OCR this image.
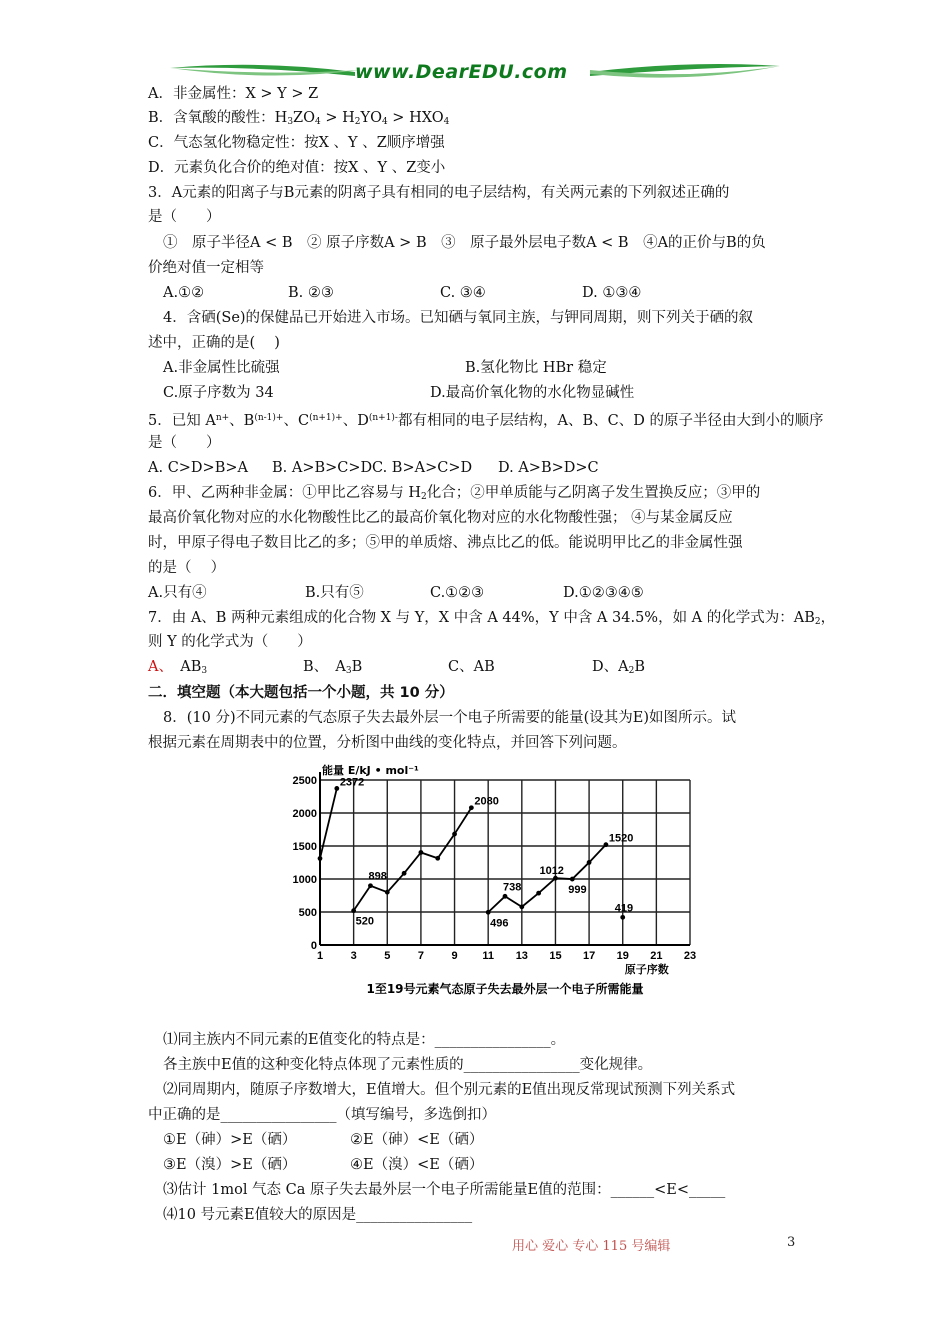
www.DearEDU.com
A．非金属性：X > Y > Z
B．含氧酸的酸性：$H_3ZO_4 > H_2YO_4 > HXO_4$
C．气态氢化物稳定性：按X 、Y 、Z顺序增强
D．元素负化合价的绝对值：按X 、Y 、Z变小
3．A元素的阳离子与B元素的阴离子具有相同的电子层结构，有关两元素的下列叙述正确的
是（　　）
①　原子半径A < B　② 原子序数A > B　③　原子最外层电子数A < B　④A的正价与B的负
价绝对值一定相等
A.①②	B. ②③	C. ③④	D. ①③④
4．含硒(Se)的保健品已开始进入市场。已知硒与氧同主族，与钾同周期，则下列关于硒的叙
述中，正确的是(　 )
A.非金属性比硫强	B.氢化物比 HBr 稳定
C.原子序数为 34	D.最高价氧化物的水化物显碱性
5．已知 $A^{n+}$、$B^{(n-1)+}$、$C^{(n+1)+}$、$D^{(n+1)-}$都有相同的电子层结构，A、B、C、D 的原子半径由大到小的顺序
是（　　）
A. C>D>B>A B. A>B>C>D C. B>A>C>D D. A>B>D>C
6．甲、乙两种非金属：①甲比乙容易与 $H_2$化合；②甲单质能与乙阴离子发生置换反应；③甲的
最高价氧化物对应的水化物酸性比乙的最高价氧化物对应的水化物酸性强； ④与某金属反应
时，甲原子得电子数目比乙的多；⑤甲的单质熔、沸点比乙的低。能说明甲比乙的非金属性强
的是（　 ）
A.只有④	B.只有⑤	C.①②③	D.①②③④⑤
7．由 A、B 两种元素组成的化合物 X 与 Y，X 中含 A 44%，Y 中含 A 34.5%，如 A 的化学式为：$AB_2$，
则 Y 的化学式为（　　）
A、　 $AB_3$	B、　 $A_3B$	C、AB	D、$A_2B$
二．填空题（本大题包括一个小题，共 10 分）
8．(10 分)不同元素的气态原子失去最外层一个电子所需要的能量(设其为E)如图所示。试
根据元素在周期表中的位置，分析图中曲线的变化特点，并回答下列问题。
0
500
1000
1500
2000
2500
1	3	5	7	9 11 13 15 17 19 21 23
能量 E/kJ • mol⁻¹
原子序数
1至19号元素气态原子失去最外层一个电子所需能量
2372
2080
898
520
738
496
1012
999
1520
419
⑴同主族内不同元素的E值变化的特点是：________________。
各主族中E值的这种变化特点体现了元素性质的________________变化规律。
⑵同周期内，随原子序数增大，E值增大。但个别元素的E值出现反常现试预测下列关系式
中正确的是________________（填写编号，多选倒扣）
①E（砷）>E（硒）	②E（砷）<E（硒）
③E（溴）>E（硒）	④E（溴）<E（硒）
⑶估计 1mol 气态 Ca 原子失去最外层一个电子所需能量E值的范围：______<E<_____
⑷10 号元素E值较大的原因是________________
用心 爱心 专心 115 号编辑	3
